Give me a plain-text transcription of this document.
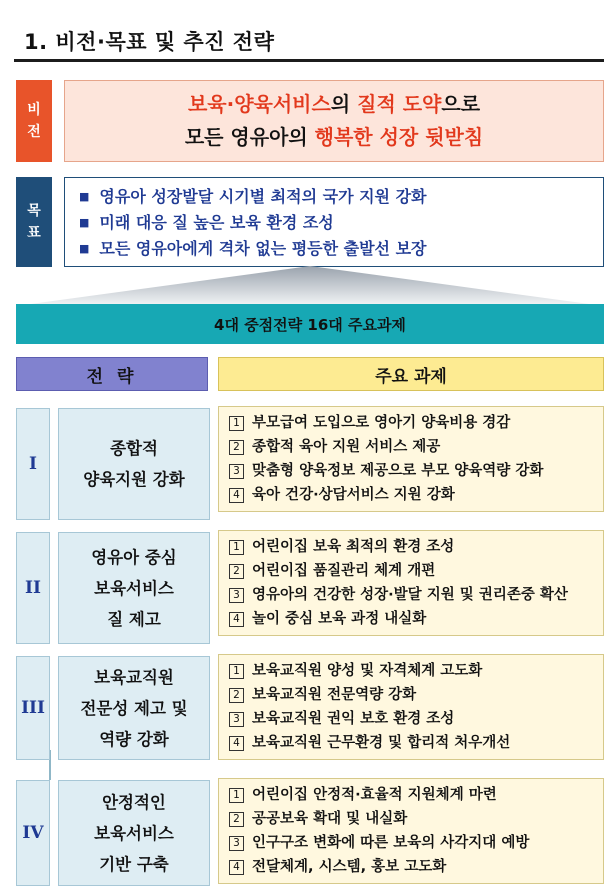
1. 비전·목표 및 추진 전략
비
전
보육·양육서비스의 질적 도약으로
모든 영유아의 행복한 성장 뒷받침
목
표
■ 영유아 성장발달 시기별 최적의 국가 지원 강화
■ 미래 대응 질 높은 보육 환경 조성
■ 모든 영유아에게 격차 없는 평등한 출발선 보장
4대 중점전략 16대 주요과제
전 략	주요 과제
I
종합적
양육지원 강화
1 부모급여 도입으로 영아기 양육비용 경감
2 종합적 육아 지원 서비스 제공
3 맞춤형 양육정보 제공으로 부모 양육역량 강화
4 육아 건강·상담서비스 지원 강화
II
영유아 중심
보육서비스
질 제고
1 어린이집 보육 최적의 환경 조성
2 어린이집 품질관리 체계 개편
3 영유아의 건강한 성장·발달 지원 및 권리존중 확산
4 놀이 중심 보육 과정 내실화
III
보육교직원
전문성 제고 및
역량 강화
1 보육교직원 양성 및 자격체계 고도화
2 보육교직원 전문역량 강화
3 보육교직원 권익 보호 환경 조성
4 보육교직원 근무환경 및 합리적 처우개선
IV
안정적인
보육서비스
기반 구축
1 어린이집 안정적·효율적 지원체계 마련
2 공공보육 확대 및 내실화
3 인구구조 변화에 따른 보육의 사각지대 예방
4 전달체계, 시스템, 홍보 고도화
